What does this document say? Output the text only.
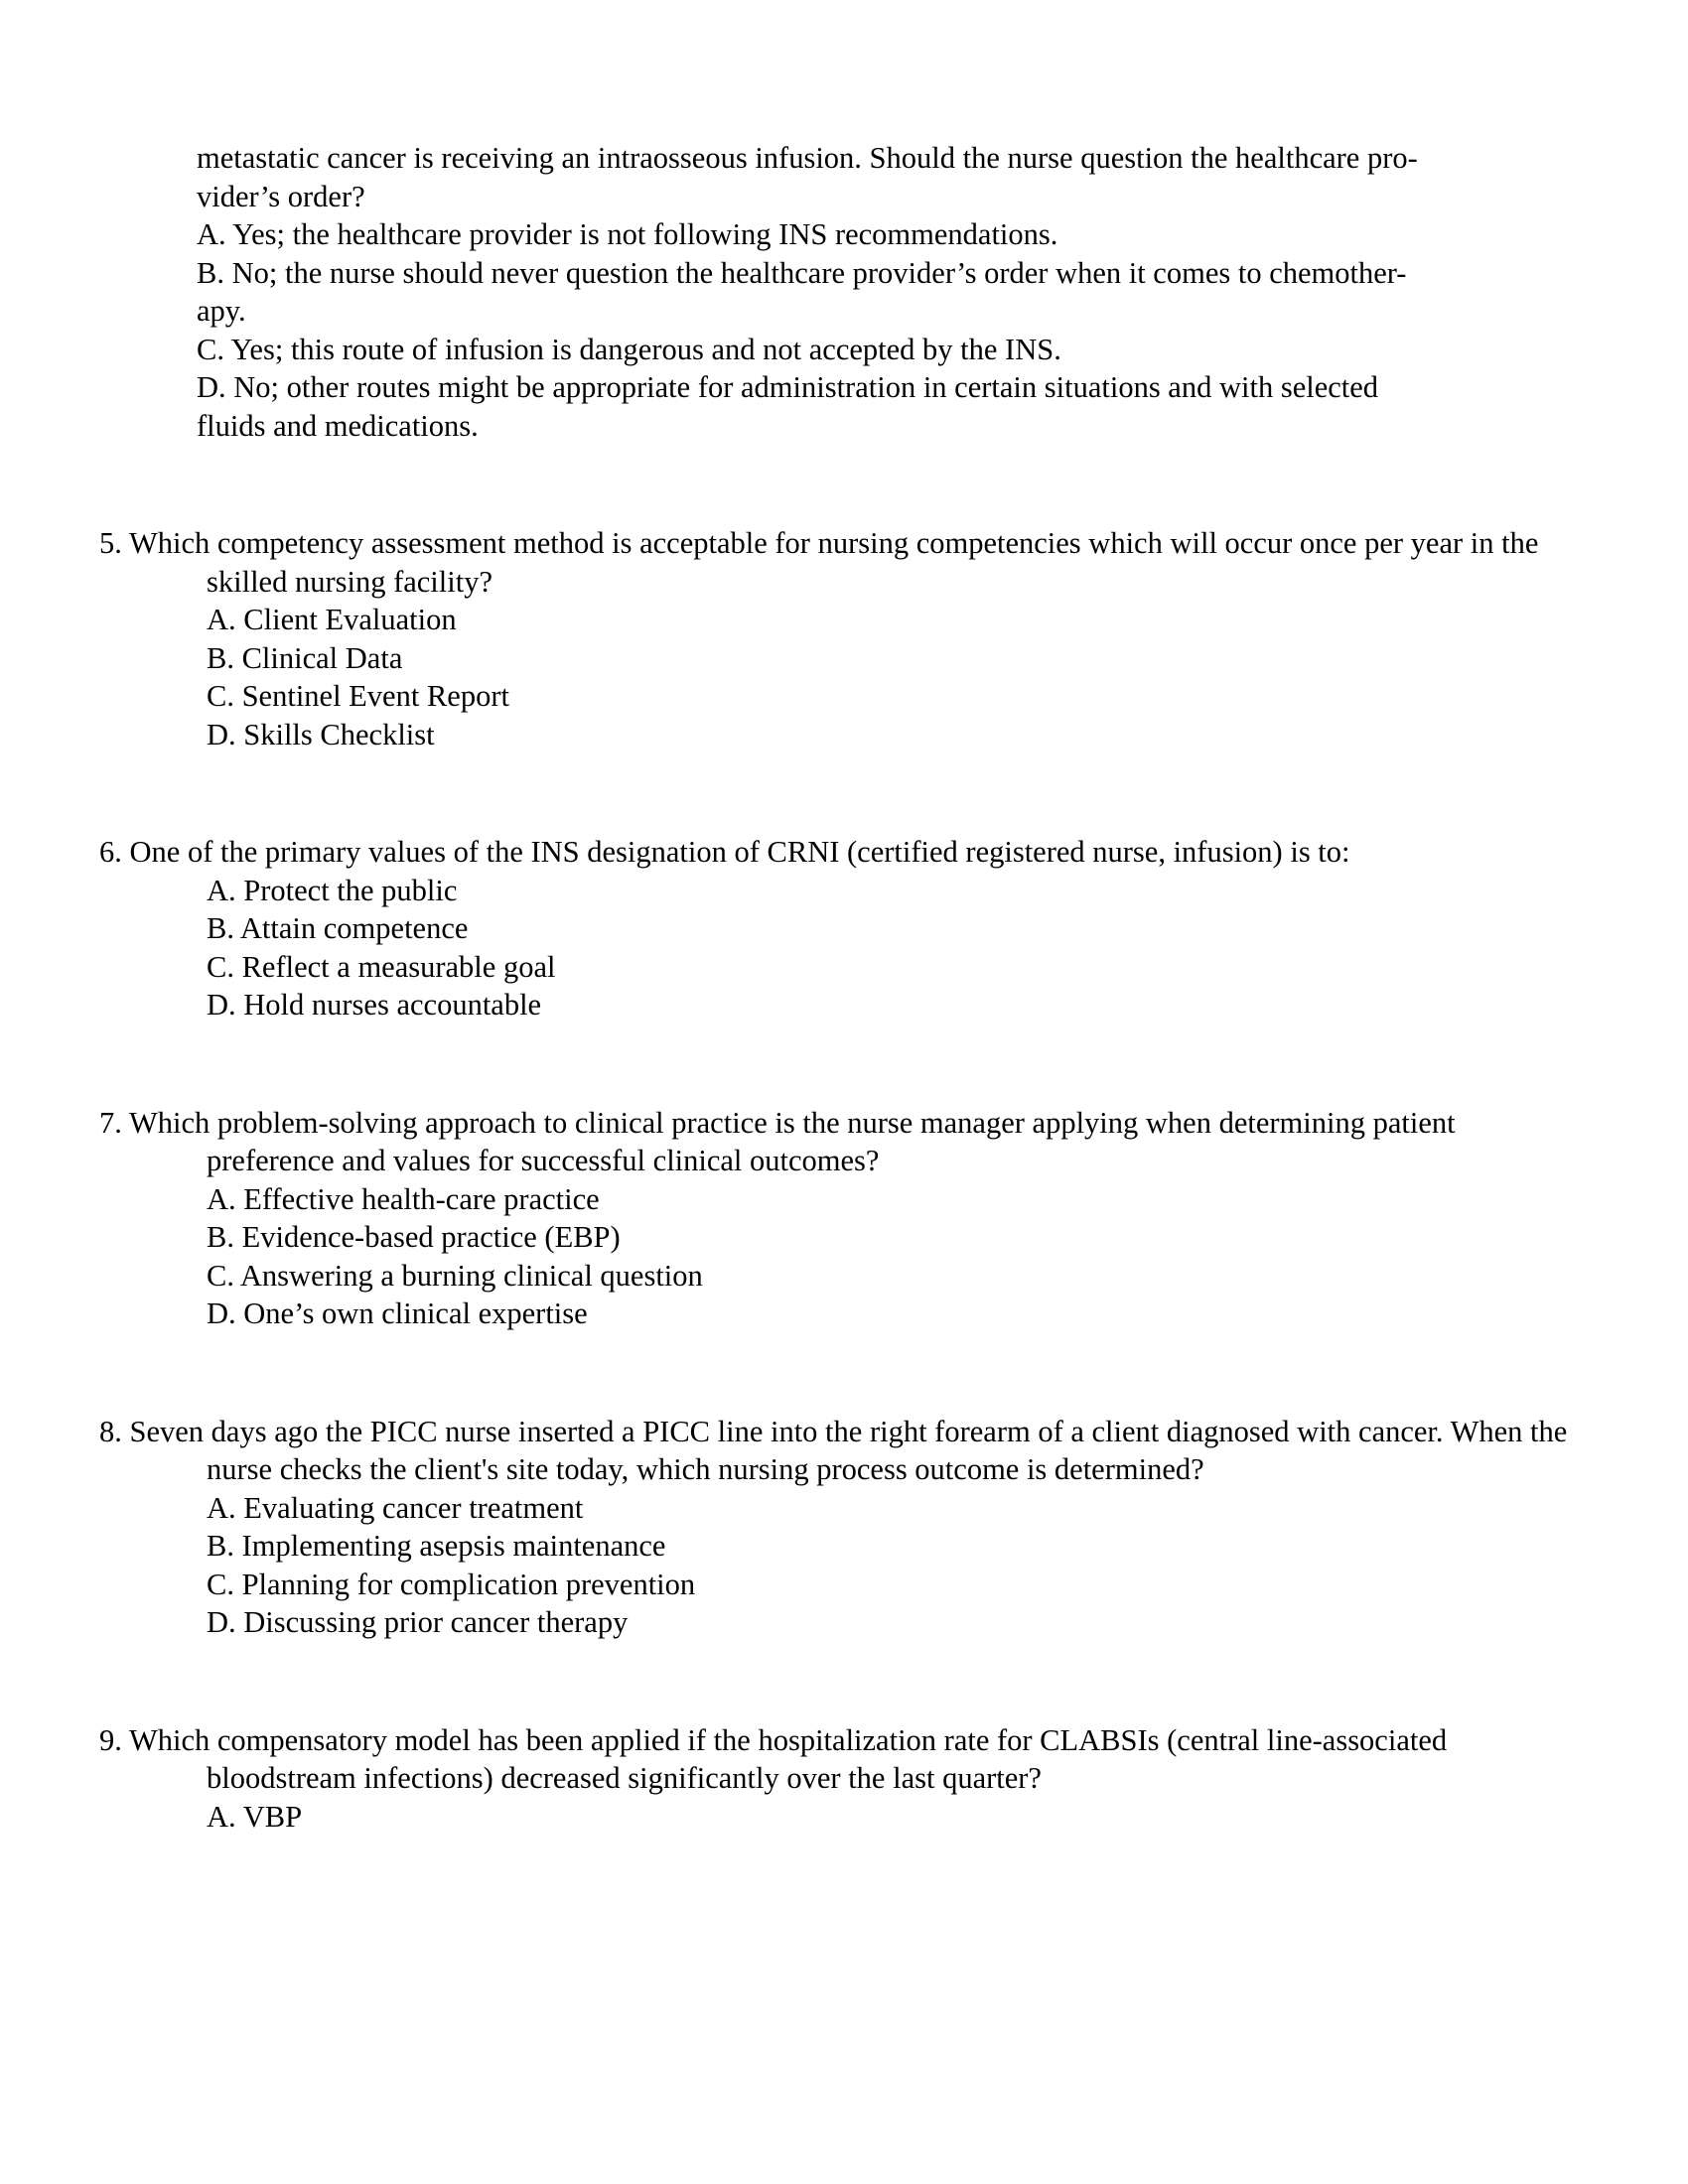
metastatic cancer is receiving an intraosseous infusion. Should the nurse question the healthcare pro-

vider’s order?

A. Yes; the healthcare provider is not following INS recommendations.

B. No; the nurse should never question the healthcare provider’s order when it comes to chemother-

apy.

C. Yes; this route of infusion is dangerous and not accepted by the INS.

D. No; other routes might be appropriate for administration in certain situations and with selected

fluids and medications.

5. Which competency assessment method is acceptable for nursing competencies which will occur once per year in the skilled nursing facility?

A. Client Evaluation
B. Clinical Data
C. Sentinel Event Report
D. Skills Checklist

6. One of the primary values of the INS designation of CRNI (certified registered nurse, infusion) is to:

A. Protect the public
B. Attain competence
C. Reflect a measurable goal
D. Hold nurses accountable

7. Which problem-solving approach to clinical practice is the nurse manager applying when determining patient preference and values for successful clinical outcomes?

A. Effective health-care practice
B. Evidence-based practice (EBP)
C. Answering a burning clinical question
D. One’s own clinical expertise

8. Seven days ago the PICC nurse inserted a PICC line into the right forearm of a client diagnosed with cancer. When the nurse checks the client's site today, which nursing process outcome is determined?

A. Evaluating cancer treatment
B. Implementing asepsis maintenance
C. Planning for complication prevention
D. Discussing prior cancer therapy

9. Which compensatory model has been applied if the hospitalization rate for CLABSIs (central line-associated bloodstream infections) decreased significantly over the last quarter?

A. VBP
